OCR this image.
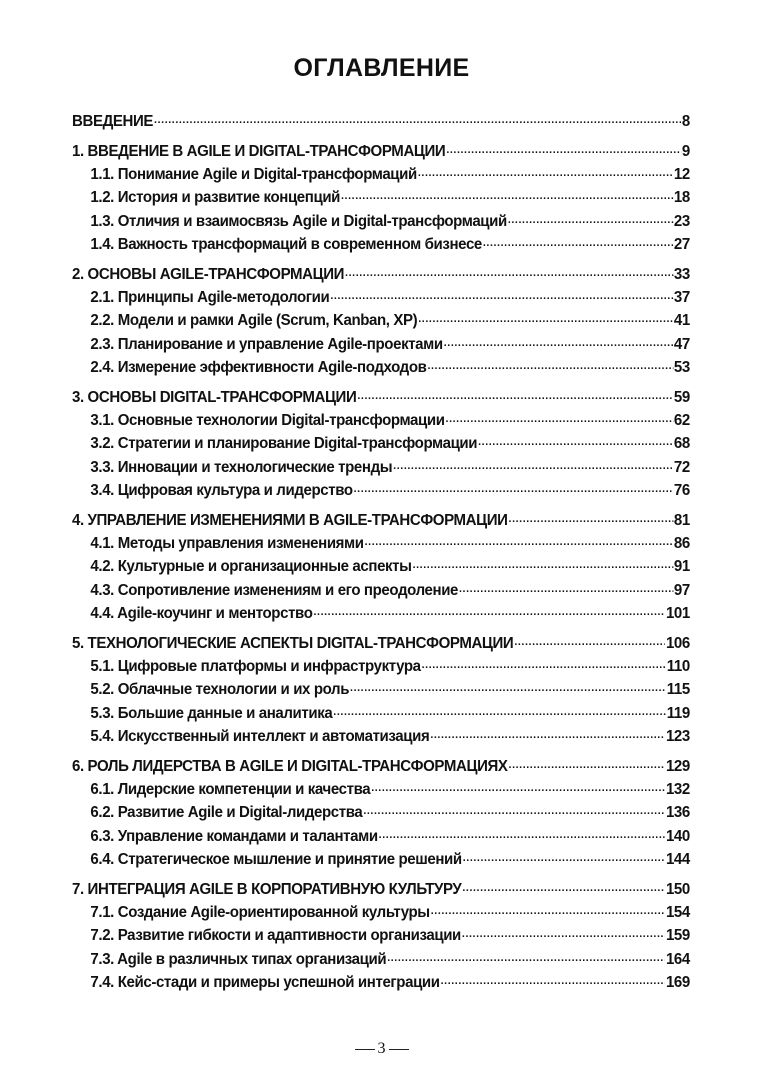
ОГЛАВЛЕНИЕ
ВВЕДЕНИЕ .....	8
1. ВВЕДЕНИЕ В AGILE И DIGITAL-ТРАНСФОРМАЦИИ .....	9
1.1. Понимание Agile и Digital-трансформаций .....	12
1.2. История и развитие концепций .....	18
1.3. Отличия и взаимосвязь Agile и Digital-трансформаций .....	23
1.4. Важность трансформаций в современном бизнесе .....	27
2. ОСНОВЫ AGILE-ТРАНСФОРМАЦИИ .....	33
2.1. Принципы Agile-методологии .....	37
2.2. Модели и рамки Agile (Scrum, Kanban, XP) .....	41
2.3. Планирование и управление Agile-проектами .....	47
2.4. Измерение эффективности Agile-подходов .....	53
3. ОСНОВЫ DIGITAL-ТРАНСФОРМАЦИИ .....	59
3.1. Основные технологии Digital-трансформации .....	62
3.2. Стратегии и планирование Digital-трансформации .....	68
3.3. Инновации и технологические тренды .....	72
3.4. Цифровая культура и лидерство .....	76
4. УПРАВЛЕНИЕ ИЗМЕНЕНИЯМИ В AGILE-ТРАНСФОРМАЦИИ .....	81
4.1. Методы управления изменениями .....	86
4.2. Культурные и организационные аспекты .....	91
4.3. Сопротивление изменениям и его преодоление .....	97
4.4. Agile-коучинг и менторство .....	101
5. ТЕХНОЛОГИЧЕСКИЕ АСПЕКТЫ DIGITAL-ТРАНСФОРМАЦИИ .....	106
5.1. Цифровые платформы и инфраструктура .....	110
5.2. Облачные технологии и их роль .....	115
5.3. Большие данные и аналитика .....	119
5.4. Искусственный интеллект и автоматизация .....	123
6. РОЛЬ ЛИДЕРСТВА В AGILE И DIGITAL-ТРАНСФОРМАЦИЯХ .....	129
6.1. Лидерские компетенции и качества .....	132
6.2. Развитие Agile и Digital-лидерства .....	136
6.3. Управление командами и талантами .....	140
6.4. Стратегическое мышление и принятие решений .....	144
7. ИНТЕГРАЦИЯ AGILE В КОРПОРАТИВНУЮ КУЛЬТУРУ .....	150
7.1. Создание Agile-ориентированной культуры .....	154
7.2. Развитие гибкости и адаптивности организации .....	159
7.3. Agile в различных типах организаций .....	164
7.4. Кейс-стади и примеры успешной интеграции .....	169
3
